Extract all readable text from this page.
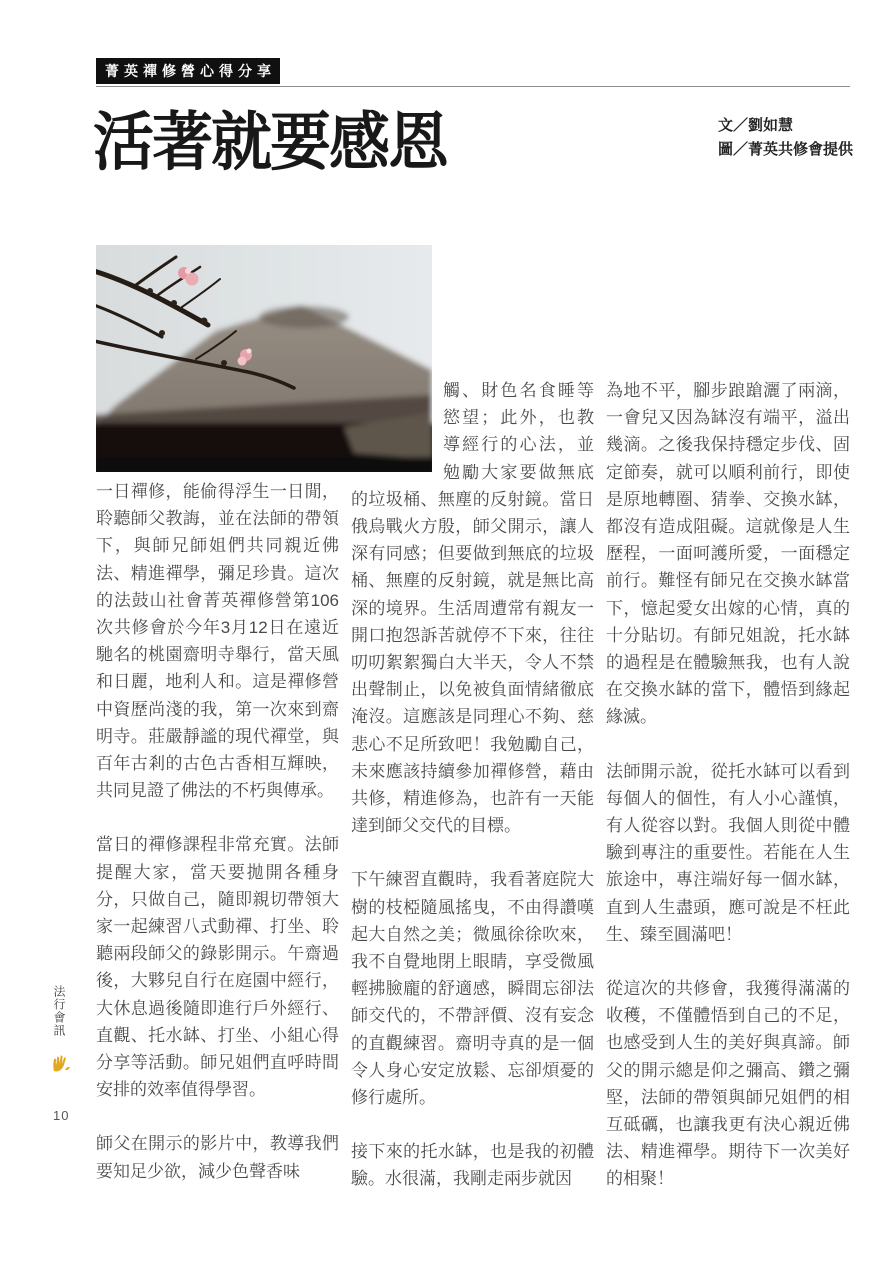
菁英禪修營心得分享
活著就要感恩	文／劉如慧
圖／菁英共修會提供

一日禪修，能偷得浮生一日閒，聆聽師父教誨，並在法師的帶領下，與師兄師姐們共同親近佛法、精進禪學，彌足珍貴。這次的法鼓山社會菁英禪修營第106次共修會於今年3月12日在遠近馳名的桃園齋明寺舉行，當天風和日麗，地利人和。這是禪修營中資歷尚淺的我，第一次來到齋明寺。莊嚴靜謐的現代禪堂，與百年古剎的古色古香相互輝映，共同見證了佛法的不朽與傳承。

當日的禪修課程非常充實。法師提醒大家，當天要拋開各種身分，只做自己，隨即親切帶領大家一起練習八式動禪、打坐、聆聽兩段師父的錄影開示。午齋過後，大夥兒自行在庭園中經行，大休息過後隨即進行戶外經行、直觀、托水缽、打坐、小組心得分享等活動。師兄姐們直呼時間安排的效率值得學習。

師父在開示的影片中，教導我們要知足少欲，減少色聲香味

觸、財色名食睡等慾望；此外，也教導經行的心法，並勉勵大家要做無底的垃圾桶、無塵的反射鏡。當日俄烏戰火方殷，師父開示，讓人深有同感；但要做到無底的垃圾桶、無塵的反射鏡，就是無比高深的境界。生活周遭常有親友一開口抱怨訴苦就停不下來，往往叨叨絮絮獨白大半天，令人不禁出聲制止，以免被負面情緒徹底淹沒。這應該是同理心不夠、慈悲心不足所致吧！我勉勵自己，未來應該持續參加禪修營，藉由共修，精進修為，也許有一天能達到師父交代的目標。

下午練習直觀時，我看著庭院大樹的枝椏隨風搖曳，不由得讚嘆起大自然之美；微風徐徐吹來，我不自覺地閉上眼睛，享受微風輕拂臉龐的舒適感，瞬間忘卻法師交代的，不帶評價、沒有妄念的直觀練習。齋明寺真的是一個令人身心安定放鬆、忘卻煩憂的修行處所。

接下來的托水缽，也是我的初體驗。水很滿，我剛走兩步就因

為地不平，腳步踉蹌灑了兩滴，一會兒又因為缽沒有端平，溢出幾滴。之後我保持穩定步伐、固定節奏，就可以順利前行，即使是原地轉圈、猜拳、交換水缽，都沒有造成阻礙。這就像是人生歷程，一面呵護所愛，一面穩定前行。難怪有師兄在交換水缽當下，憶起愛女出嫁的心情，真的十分貼切。有師兄姐說，托水缽的過程是在體驗無我，也有人說在交換水缽的當下，體悟到緣起緣滅。

法師開示說，從托水缽可以看到每個人的個性，有人小心謹慎，有人從容以對。我個人則從中體驗到專注的重要性。若能在人生旅途中，專注端好每一個水缽，直到人生盡頭，應可說是不枉此生、臻至圓滿吧！

從這次的共修會，我獲得滿滿的收穫，不僅體悟到自己的不足，也感受到人生的美好與真諦。師父的開示總是仰之彌高、鑽之彌堅，法師的帶領與師兄姐們的相互砥礪，也讓我更有決心親近佛法、精進禪學。期待下一次美好的相聚！

法行會訊
10
